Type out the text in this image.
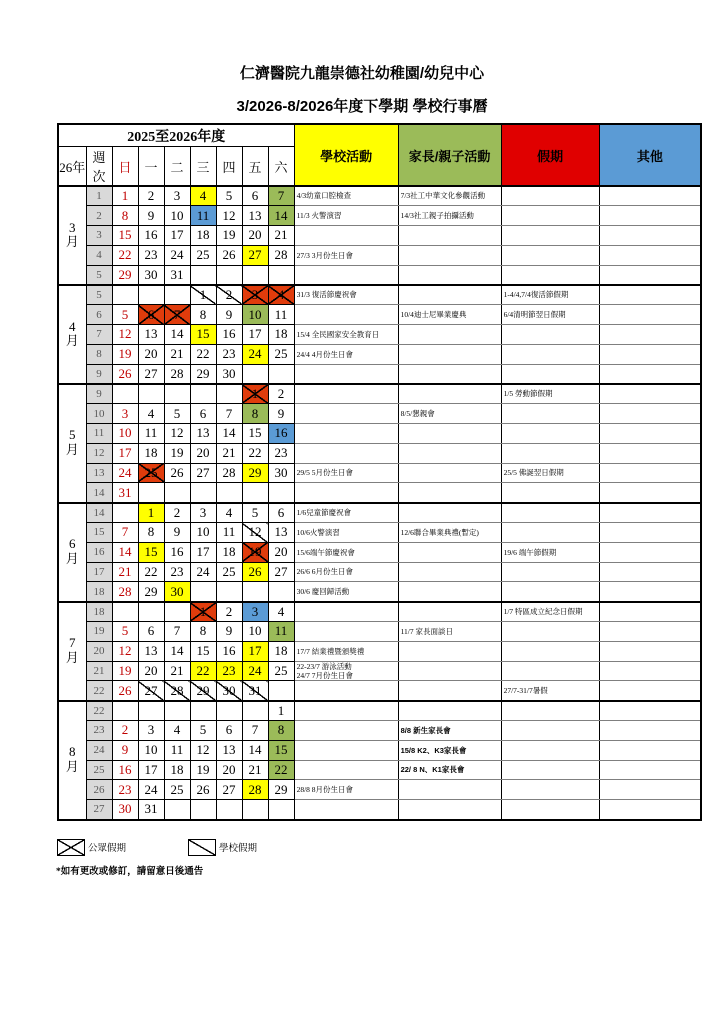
仁濟醫院九龍崇德社幼稚園/幼兒中心
3/2026-8/2026年度下學期 學校行事曆
2025至2026年度									學校活動	家長/親子活動	假期	其他
26年	週次	日	一	二	三	四	五	六				

3
月	1	1	2	3	4	5	6	7	4/3幼童口腔檢查	7/3社工中華文化參觀活動		
	2	8	9	10	11	12	13	14	11/3 火警演習	14/3社工親子拍攝活動		
	3	15	16	17	18	19	20	21				
	4	22	23	24	25	26	27	28	27/3 3月份生日會			
	5	29	30	31								

4
月	5				1	2	3	4	31/3 復活節慶祝會		1-4/4,7/4復活節假期	
	6	5	6	7	8	9	10	11		10/4迪士尼畢業慶典	6/4清明節翌日假期	
	7	12	13	14	15	16	17	18	15/4 全民國家安全教育日			
	8	19	20	21	22	23	24	25	24/4 4月份生日會			
	9	26	27	28	29	30						

5
月	9						1	2			1/5 勞動節假期	
	10	3	4	5	6	7	8	9		8/5/懇親會		
	11	10	11	12	13	14	15	16				
	12	17	18	19	20	21	22	23				
	13	24	25	26	27	28	29	30	29/5 5月份生日會		25/5 佛誕翌日假期	
	14	31										

6
月	14		1	2	3	4	5	6	1/6兒童節慶祝會			
	15	7	8	9	10	11	12	13	10/6火警演習	12/6聯合畢業典禮(暫定)		
	16	14	15	16	17	18	19	20	15/6端午節慶祝會		19/6 端午節假期	
	17	21	22	23	24	25	26	27	26/6 6月份生日會			
	18	28	29	30					30/6 慶回歸活動			

7
月	18				1	2	3	4			1/7 特區成立紀念日假期	
	19	5	6	7	8	9	10	11		11/7 家長面談日		
	20	12	13	14	15	16	17	18	17/7 結業禮暨頒獎禮			
	21	19	20	21	22	23	24	25	22-23/7 游泳活動
24/7 7月份生日會			
	22	26	27	28	29	30	31				27/7-31/7暑假	

8
月	22							1				
	23	2	3	4	5	6	7	8		8/8 新生家長會		
	24	9	10	11	12	13	14	15		15/8 K2、K3家長會		
	25	16	17	18	19	20	21	22		22/ 8 N、K1家長會		
	26	23	24	25	26	27	28	29	28/8 8月份生日會			
	27	30	31									
公眾假期	學校假期
*如有更改或修訂，請留意日後通告
